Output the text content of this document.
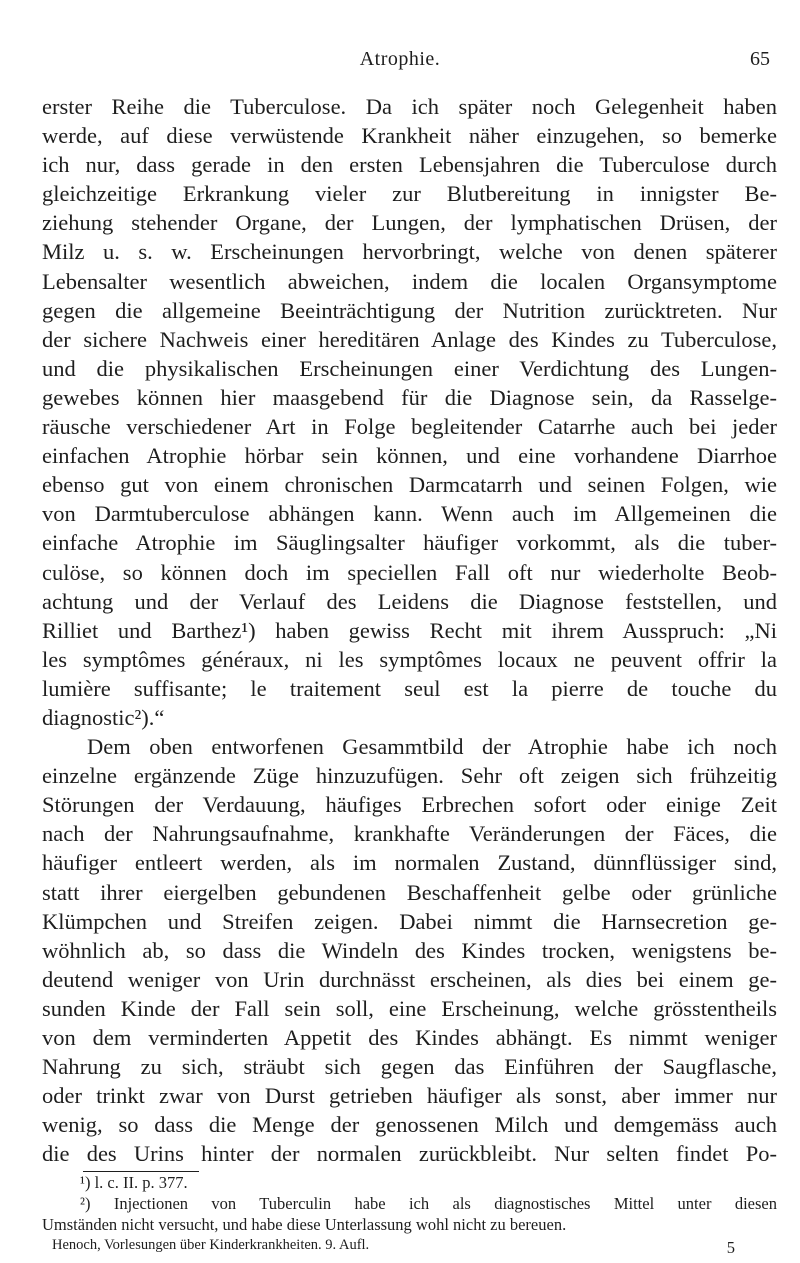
Atrophie.	65
erster Reihe die Tuberculose. Da ich später noch Gelegenheit haben
werde, auf diese verwüstende Krankheit näher einzugehen, so bemerke
ich nur, dass gerade in den ersten Lebensjahren die Tuberculose durch
gleichzeitige Erkrankung vieler zur Blutbereitung in innigster Be-
ziehung stehender Organe, der Lungen, der lymphatischen Drüsen, der
Milz u. s. w. Erscheinungen hervorbringt, welche von denen späterer
Lebensalter wesentlich abweichen, indem die localen Organsymptome
gegen die allgemeine Beeinträchtigung der Nutrition zurücktreten. Nur
der sichere Nachweis einer hereditären Anlage des Kindes zu Tuberculose,
und die physikalischen Erscheinungen einer Verdichtung des Lungen-
gewebes können hier maasgebend für die Diagnose sein, da Rasselge-
räusche verschiedener Art in Folge begleitender Catarrhe auch bei jeder
einfachen Atrophie hörbar sein können, und eine vorhandene Diarrhoe
ebenso gut von einem chronischen Darmcatarrh und seinen Folgen, wie
von Darmtuberculose abhängen kann. Wenn auch im Allgemeinen die
einfache Atrophie im Säuglingsalter häufiger vorkommt, als die tuber-
culöse, so können doch im speciellen Fall oft nur wiederholte Beob-
achtung und der Verlauf des Leidens die Diagnose feststellen, und
Rilliet und Barthez¹) haben gewiss Recht mit ihrem Ausspruch: „Ni
les symptômes généraux, ni les symptômes locaux ne peuvent offrir la
lumière suffisante; le traitement seul est la pierre de touche du
diagnostic²).“
Dem oben entworfenen Gesammtbild der Atrophie habe ich noch
einzelne ergänzende Züge hinzuzufügen. Sehr oft zeigen sich frühzeitig
Störungen der Verdauung, häufiges Erbrechen sofort oder einige Zeit
nach der Nahrungsaufnahme, krankhafte Veränderungen der Fäces, die
häufiger entleert werden, als im normalen Zustand, dünnflüssiger sind,
statt ihrer eiergelben gebundenen Beschaffenheit gelbe oder grünliche
Klümpchen und Streifen zeigen. Dabei nimmt die Harnsecretion ge-
wöhnlich ab, so dass die Windeln des Kindes trocken, wenigstens be-
deutend weniger von Urin durchnässt erscheinen, als dies bei einem ge-
sunden Kinde der Fall sein soll, eine Erscheinung, welche grösstentheils
von dem verminderten Appetit des Kindes abhängt. Es nimmt weniger
Nahrung zu sich, sträubt sich gegen das Einführen der Saugflasche,
oder trinkt zwar von Durst getrieben häufiger als sonst, aber immer nur
wenig, so dass die Menge der genossenen Milch und demgemäss auch
die des Urins hinter der normalen zurückbleibt. Nur selten findet Po-
¹) l. c. II. p. 377.
²) Injectionen von Tuberculin habe ich als diagnostisches Mittel unter diesen
Umständen nicht versucht, und habe diese Unterlassung wohl nicht zu bereuen.
Henoch, Vorlesungen über Kinderkrankheiten. 9. Aufl.	5
